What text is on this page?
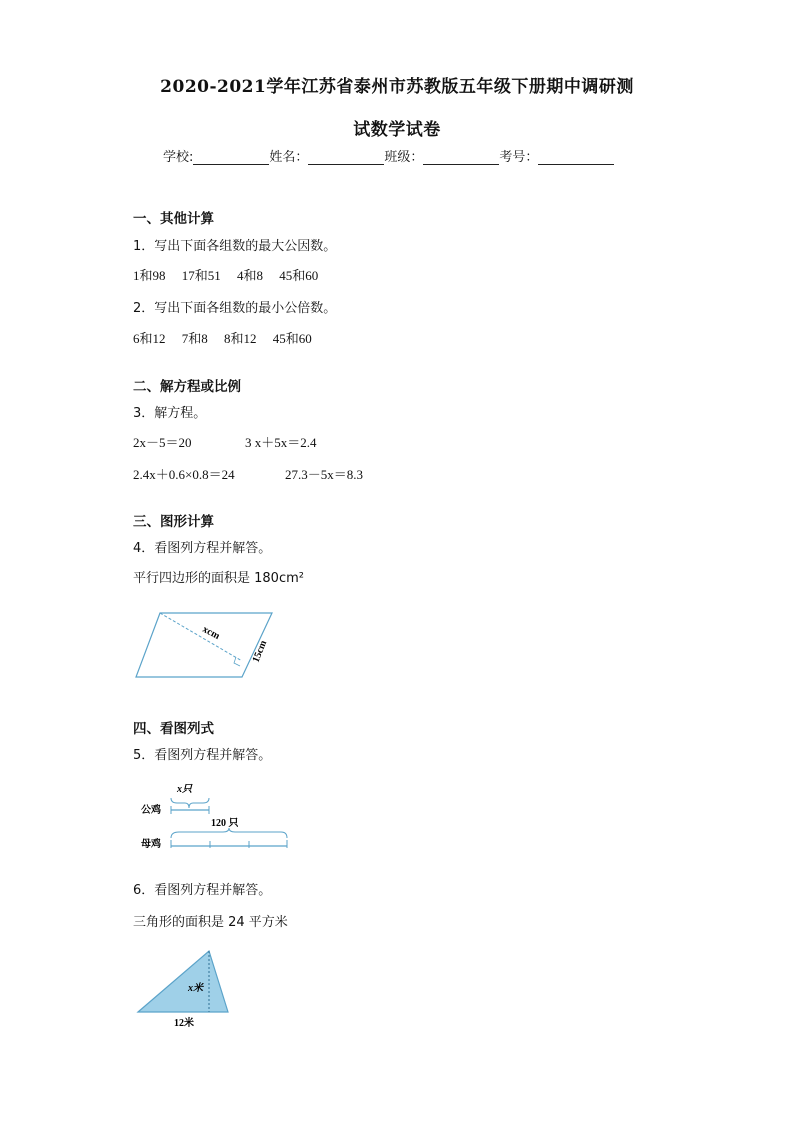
2020-2021学年江苏省泰州市苏教版五年级下册期中调研测
试数学试卷
学校:	姓名：	班级：	考号：
一、其他计算
1．写出下面各组数的最大公因数。
1和98 17和51 4和8 45和60
2．写出下面各组数的最小公倍数。
6和12 7和8 8和12 45和60
二、解方程或比例
3．解方程。
2x－5＝20	3 x＋5x＝2.4
2.4x＋0.6×0.8＝24	27.3－5x＝8.3
三、图形计算
4．看图列方程并解答。
平行四边形的面积是 180cm²
xcm
15cm
四、看图列式
5．看图列方程并解答。
x只
公鸡
120 只
母鸡
6．看图列方程并解答。
三角形的面积是 24 平方米
x米
12米
